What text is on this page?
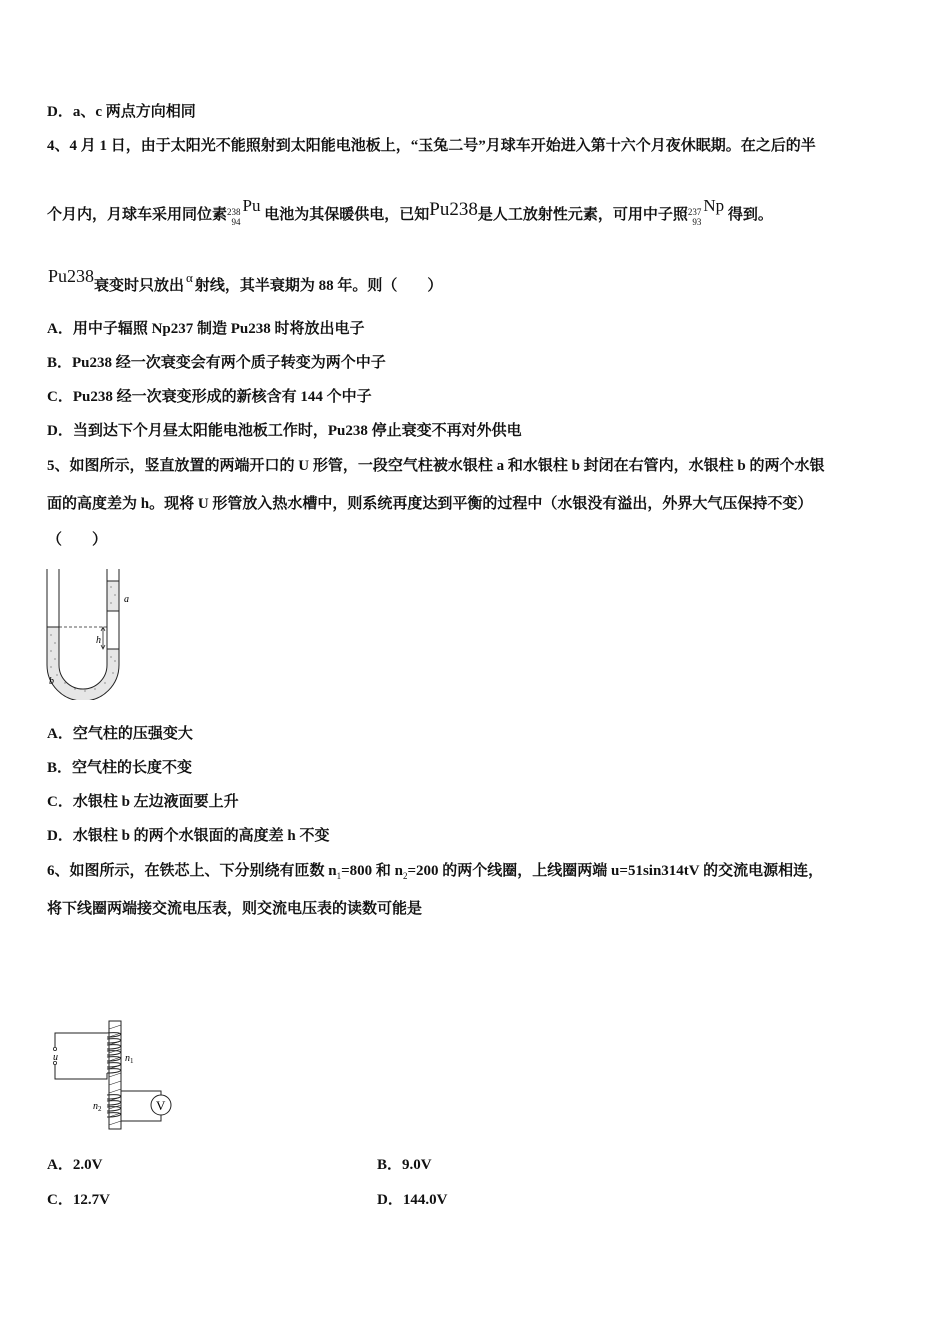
D．a、c 两点方向相同
4、4 月 1 日，由于太阳光不能照射到太阳能电池板上，“玉兔二号”月球车开始进入第十六个月夜休眠期。在之后的半
个月内，月球车采用同位素 238
94
Pu 电池为其保暖供电，已知Pu238是人工放射性元素，可用中子照 237
93
Np 得到。
Pu238衰变时只放出α射线，其半衰期为 88 年。则（　　）
A．用中子辐照 Np237 制造 Pu238 时将放出电子
B．Pu238 经一次衰变会有两个质子转变为两个中子
C．Pu238 经一次衰变形成的新核含有 144 个中子
D．当到达下个月昼太阳能电池板工作时，Pu238 停止衰变不再对外供电
5、如图所示，竖直放置的两端开口的 U 形管，一段空气柱被水银柱 a 和水银柱 b 封闭在右管内，水银柱 b 的两个水银
面的高度差为 h。现将 U 形管放入热水槽中，则系统再度达到平衡的过程中（水银没有溢出，外界大气压保持不变）
（　　）
h
a
b
A．空气柱的压强变大
B．空气柱的长度不变
C．水银柱 b 左边液面要上升
D．水银柱 b 的两个水银面的高度差 h 不变
6、如图所示，在铁芯上、下分别绕有匝数 $n_1=800$ 和 $n_2=200$ 的两个线圈，上线圈两端 u=51sin314tV 的交流电源相连，
将下线圈两端接交流电压表，则交流电压表的读数可能是
u
V
$n_1$
$n_2$
A．2.0V	B．9.0V
C．12.7V	D．144.0V
